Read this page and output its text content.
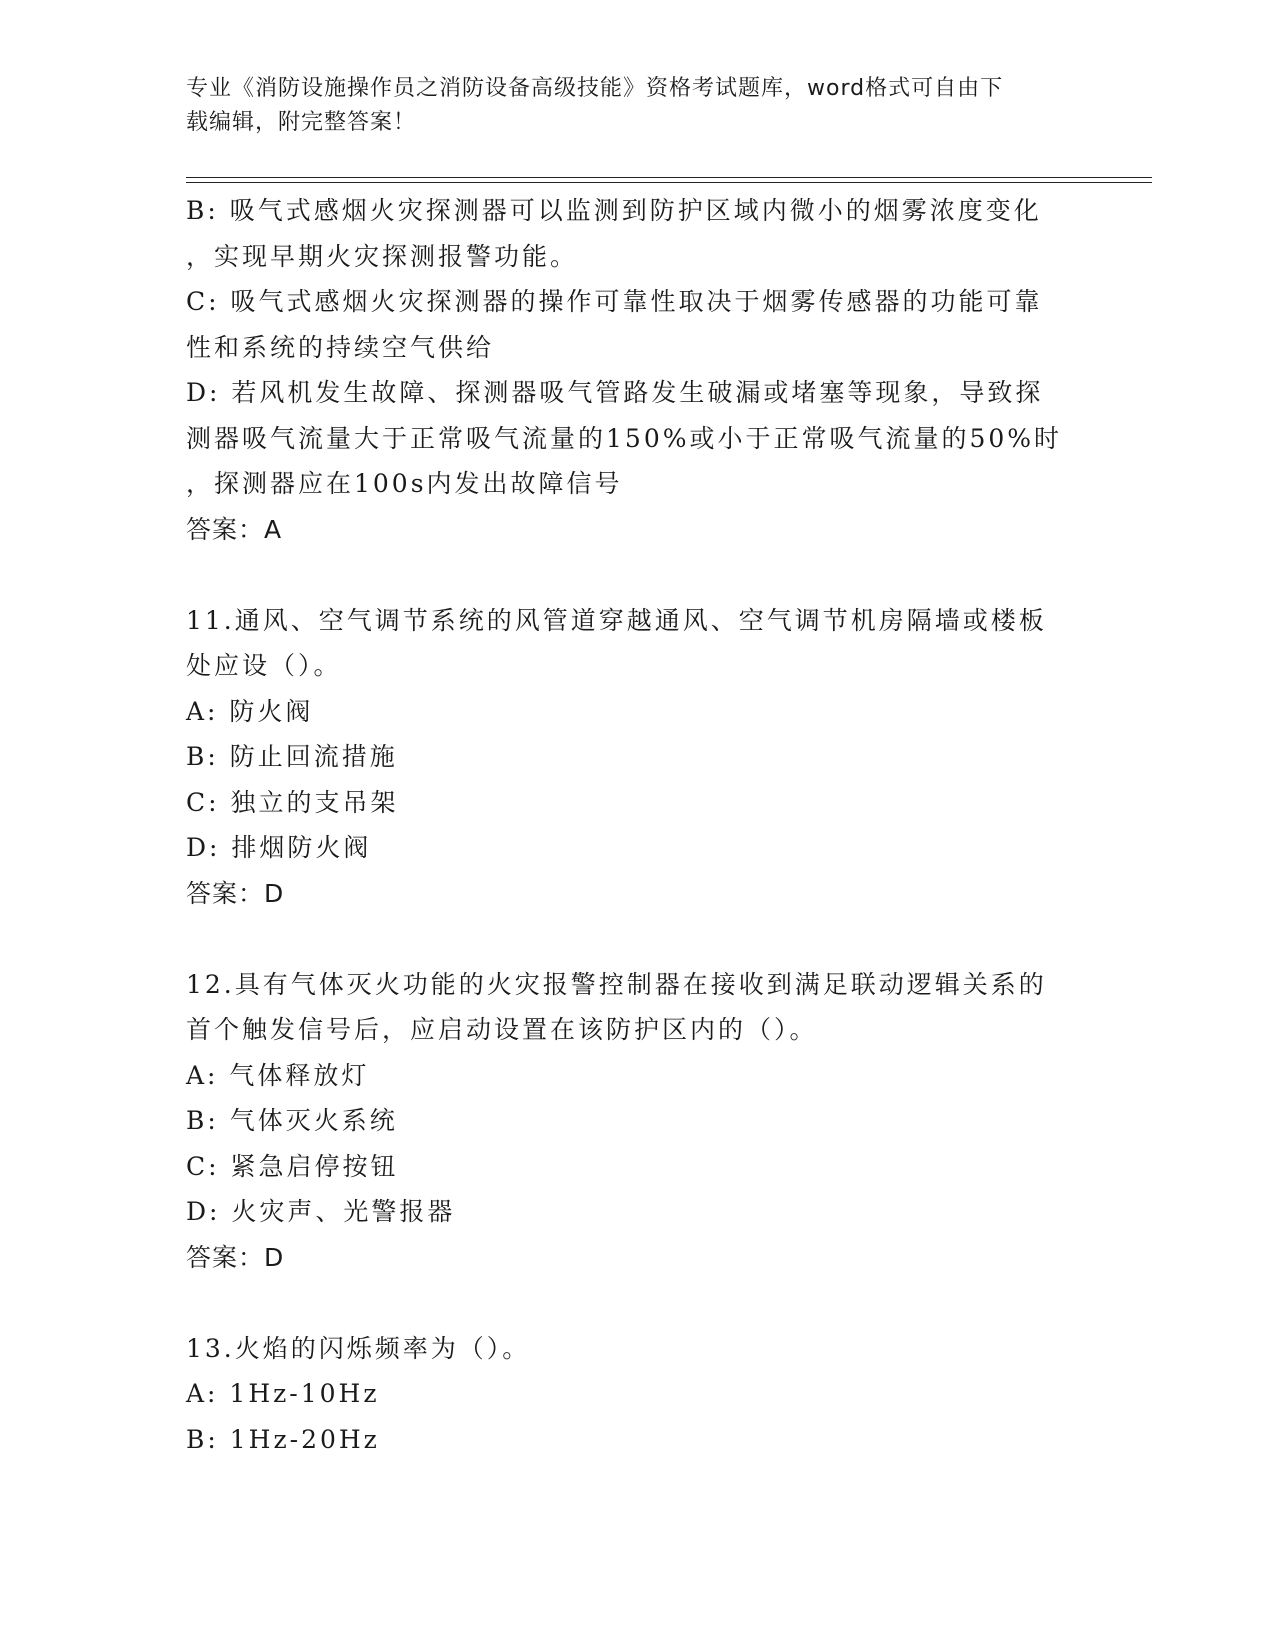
专业《消防设施操作员之消防设备高级技能》资格考试题库，word格式可自由下
载编辑，附完整答案！
B: 吸气式感烟火灾探测器可以监测到防护区域内微小的烟雾浓度变化
，实现早期火灾探测报警功能。
C: 吸气式感烟火灾探测器的操作可靠性取决于烟雾传感器的功能可靠
性和系统的持续空气供给
D: 若风机发生故障、探测器吸气管路发生破漏或堵塞等现象，导致探
测器吸气流量大于正常吸气流量的150%或小于正常吸气流量的50%时
，探测器应在100s内发出故障信号
答案：A
11.通风、空气调节系统的风管道穿越通风、空气调节机房隔墙或楼板
处应设（）。
A: 防火阀
B: 防止回流措施
C: 独立的支吊架
D: 排烟防火阀
答案：D
12.具有气体灭火功能的火灾报警控制器在接收到满足联动逻辑关系的
首个触发信号后，应启动设置在该防护区内的（）。
A: 气体释放灯
B: 气体灭火系统
C: 紧急启停按钮
D: 火灾声、光警报器
答案：D
13.火焰的闪烁频率为（）。
A: 1Hz-10Hz
B: 1Hz-20Hz
